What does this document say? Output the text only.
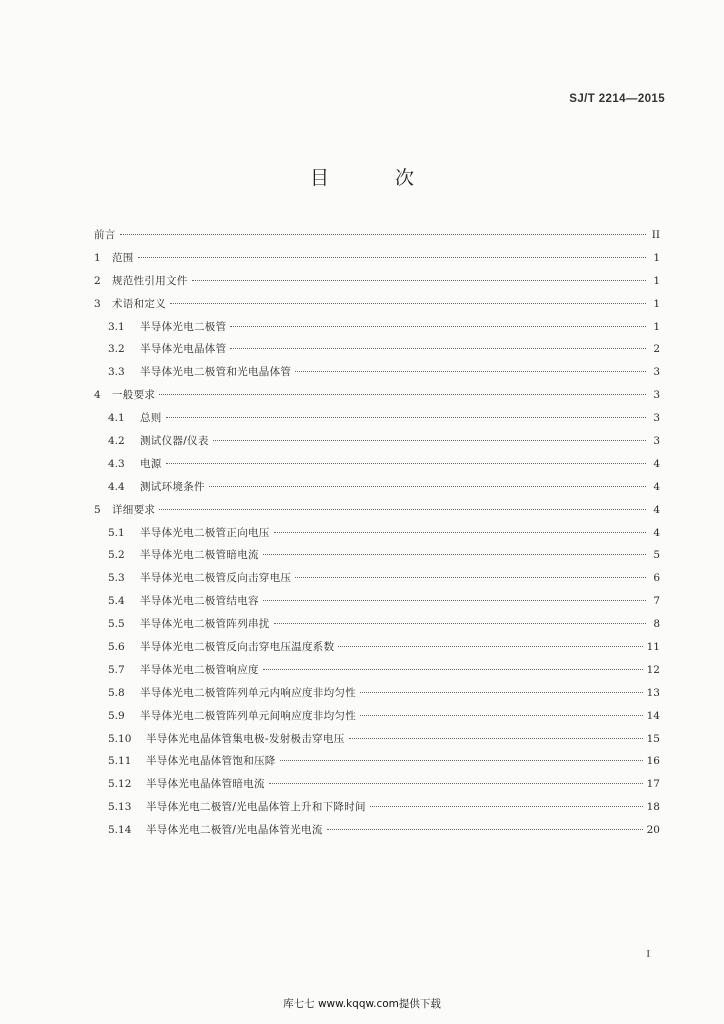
SJ/T 2214—2015
目 次
前言	II
1	范围	1
2	规范性引用文件	1
3	术语和定义	1
3.1	半导体光电二极管	1
3.2	半导体光电晶体管	2
3.3	半导体光电二极管和光电晶体管	3
4	一般要求	3
4.1	总则	3
4.2	测试仪器/仪表	3
4.3	电源	4
4.4	测试环境条件	4
5	详细要求	4
5.1	半导体光电二极管正向电压	4
5.2	半导体光电二极管暗电流	5
5.3	半导体光电二极管反向击穿电压	6
5.4	半导体光电二极管结电容	7
5.5	半导体光电二极管阵列串扰	8
5.6	半导体光电二极管反向击穿电压温度系数	11
5.7	半导体光电二极管响应度	12
5.8	半导体光电二极管阵列单元内响应度非均匀性	13
5.9	半导体光电二极管阵列单元间响应度非均匀性	14
5.10	半导体光电晶体管集电极-发射极击穿电压	15
5.11	半导体光电晶体管饱和压降	16
5.12	半导体光电晶体管暗电流	17
5.13	半导体光电二极管/光电晶体管上升和下降时间	18
5.14	半导体光电二极管/光电晶体管光电流	20
I
库七七 www.kqqw.com提供下载
